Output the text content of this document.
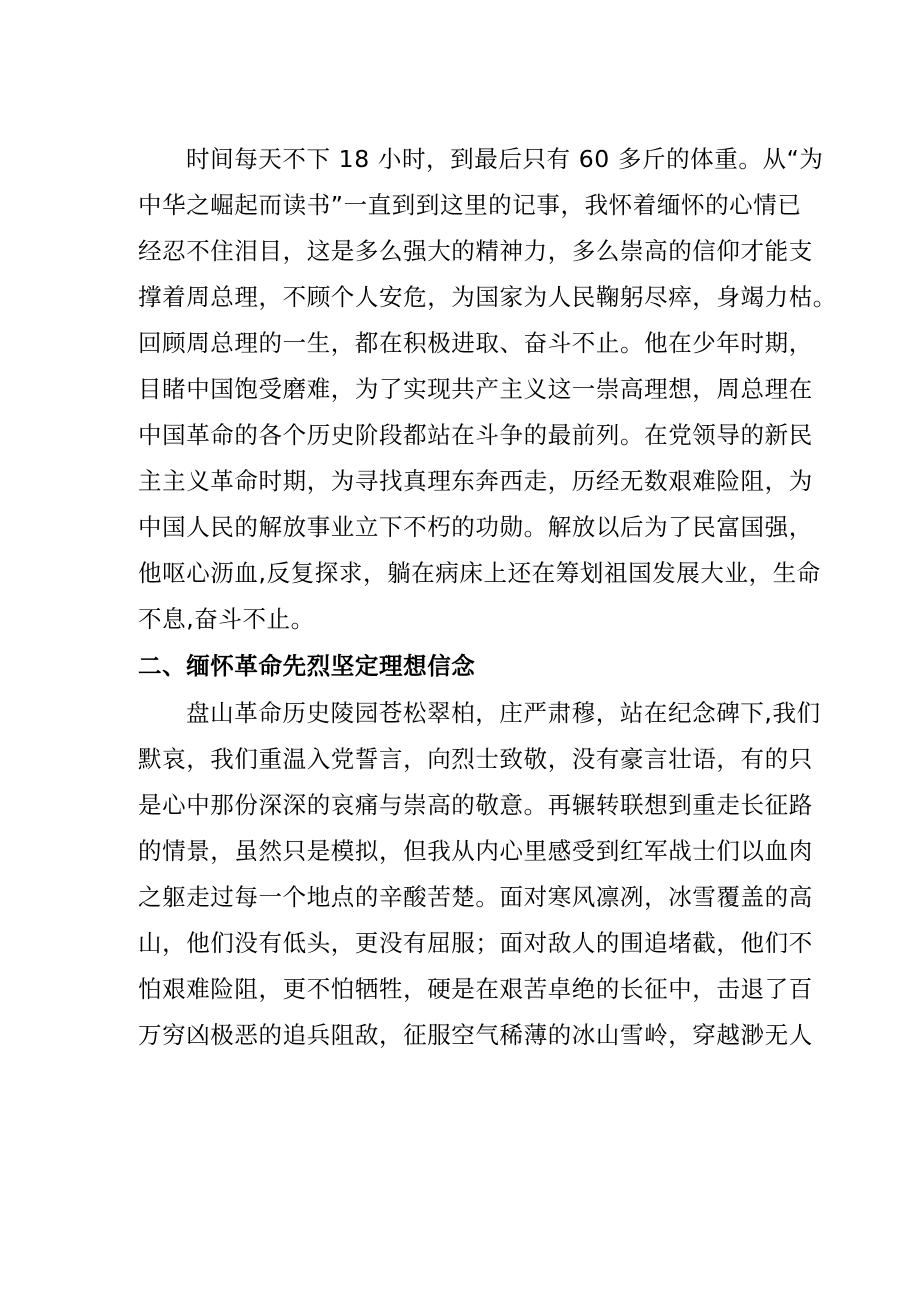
时间每天不下 18 小时，到最后只有 60 多斤的体重。从“为
中华之崛起而读书”一直到到这里的记事，我怀着缅怀的心情已
经忍不住泪目，这是多么强大的精神力，多么崇高的信仰才能支
撑着周总理，不顾个人安危，为国家为人民鞠躬尽瘁，身竭力枯。
回顾周总理的一生，都在积极进取、奋斗不止。他在少年时期，
目睹中国饱受磨难，为了实现共产主义这一崇高理想，周总理在
中国革命的各个历史阶段都站在斗争的最前列。在党领导的新民
主主义革命时期，为寻找真理东奔西走，历经无数艰难险阻，为
中国人民的解放事业立下不朽的功勋。解放以后为了民富国强，
他呕心沥血,反复探求，躺在病床上还在筹划祖国发展大业，生命
不息,奋斗不止。
二、缅怀革命先烈坚定理想信念
盘山革命历史陵园苍松翠柏，庄严肃穆，站在纪念碑下,我们
默哀，我们重温入党誓言，向烈士致敬，没有豪言壮语，有的只
是心中那份深深的哀痛与崇高的敬意。再辗转联想到重走长征路
的情景，虽然只是模拟，但我从内心里感受到红军战士们以血肉
之躯走过每一个地点的辛酸苦楚。面对寒风凛冽，冰雪覆盖的高
山，他们没有低头，更没有屈服；面对敌人的围追堵截，他们不
怕艰难险阻，更不怕牺牲，硬是在艰苦卓绝的长征中，击退了百
万穷凶极恶的追兵阻敌，征服空气稀薄的冰山雪岭，穿越渺无人
